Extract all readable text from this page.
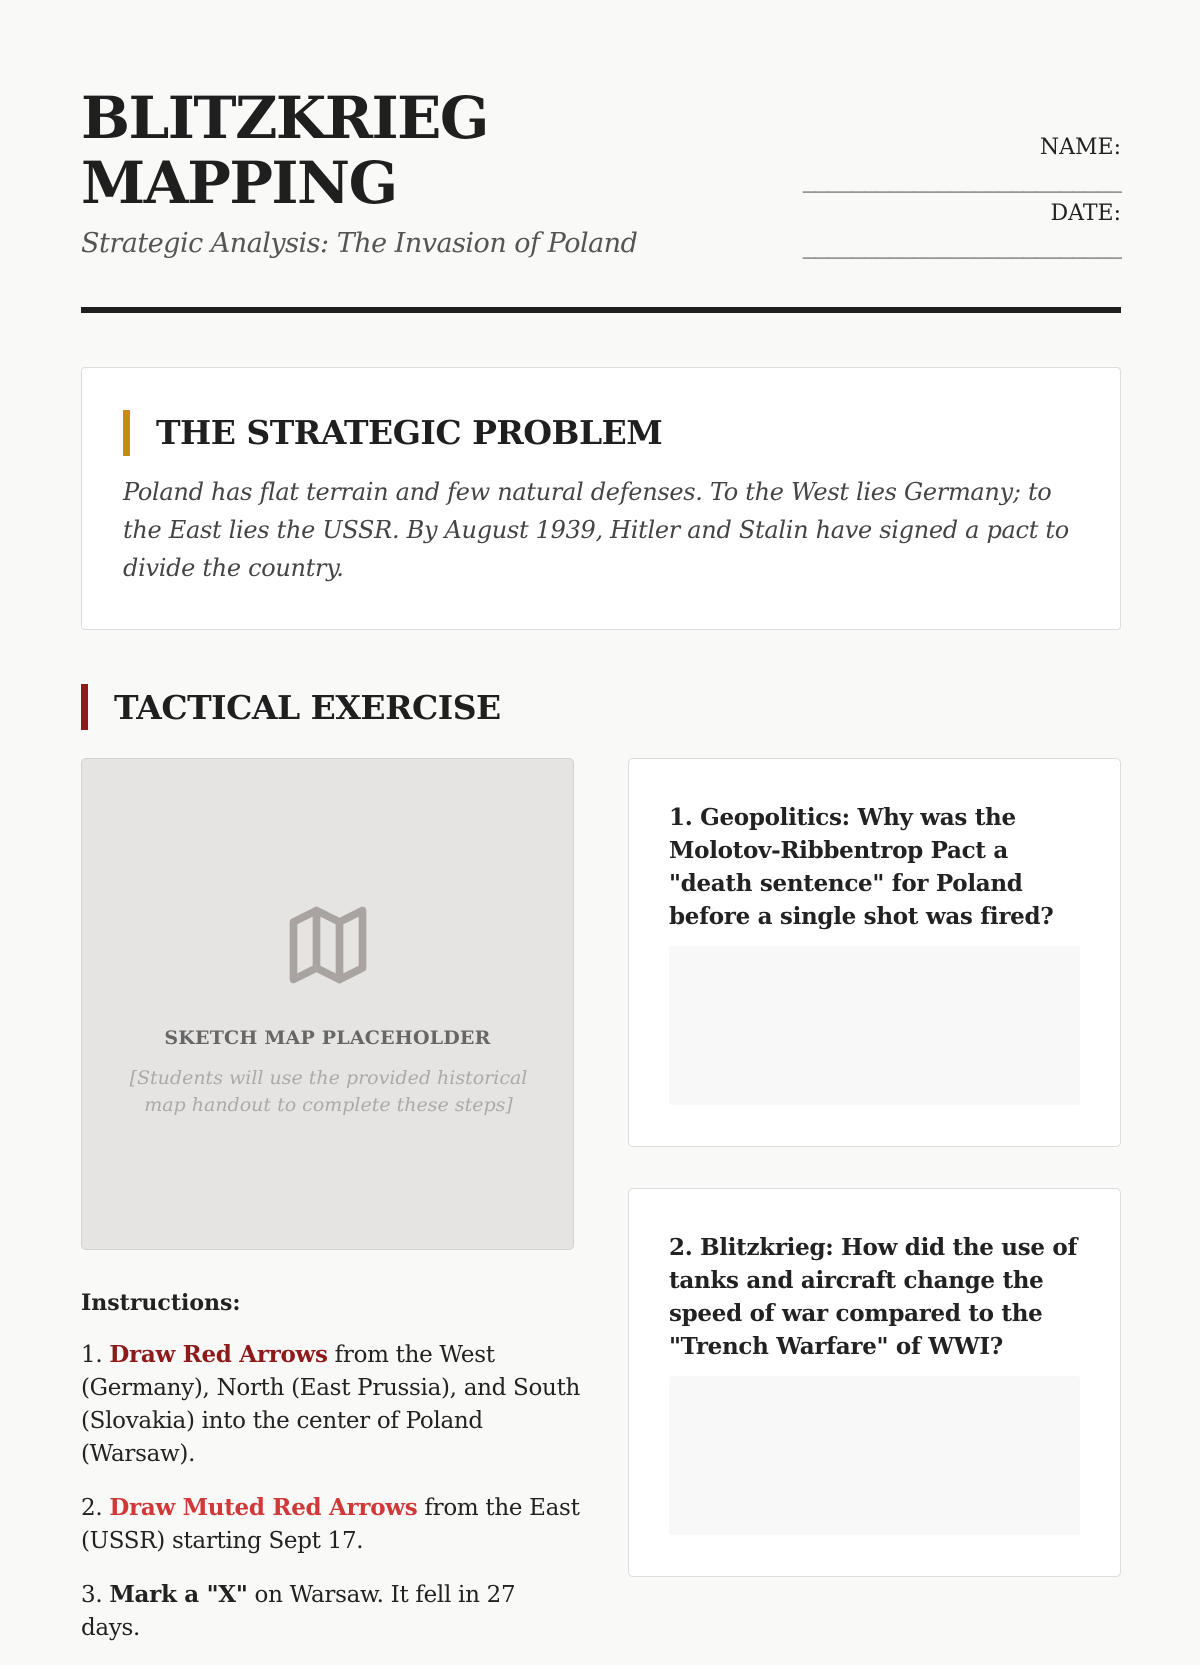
BLITZKRIEG
MAPPING
Strategic Analysis: The Invasion of Poland
NAME:
__________________________
DATE:
__________________________
THE STRATEGIC PROBLEM
Poland has flat terrain and few natural defenses. To the West lies Germany; to the East lies the USSR. By August 1939, Hitler and Stalin have signed a pact to divide the country.
TACTICAL EXERCISE
SKETCH MAP PLACEHOLDER
[Students will use the provided historical map handout to complete these steps]
Instructions:
1. Draw Red Arrows from the West (Germany), North (East Prussia), and South (Slovakia) into the center of Poland (Warsaw).
2. Draw Muted Red Arrows from the East (USSR) starting Sept 17.
3. Mark a "X" on Warsaw. It fell in 27 days.
1. Geopolitics: Why was the Molotov-Ribbentrop Pact a "death sentence" for Poland before a single shot was fired?
2. Blitzkrieg: How did the use of tanks and aircraft change the speed of war compared to the "Trench Warfare" of WWI?
